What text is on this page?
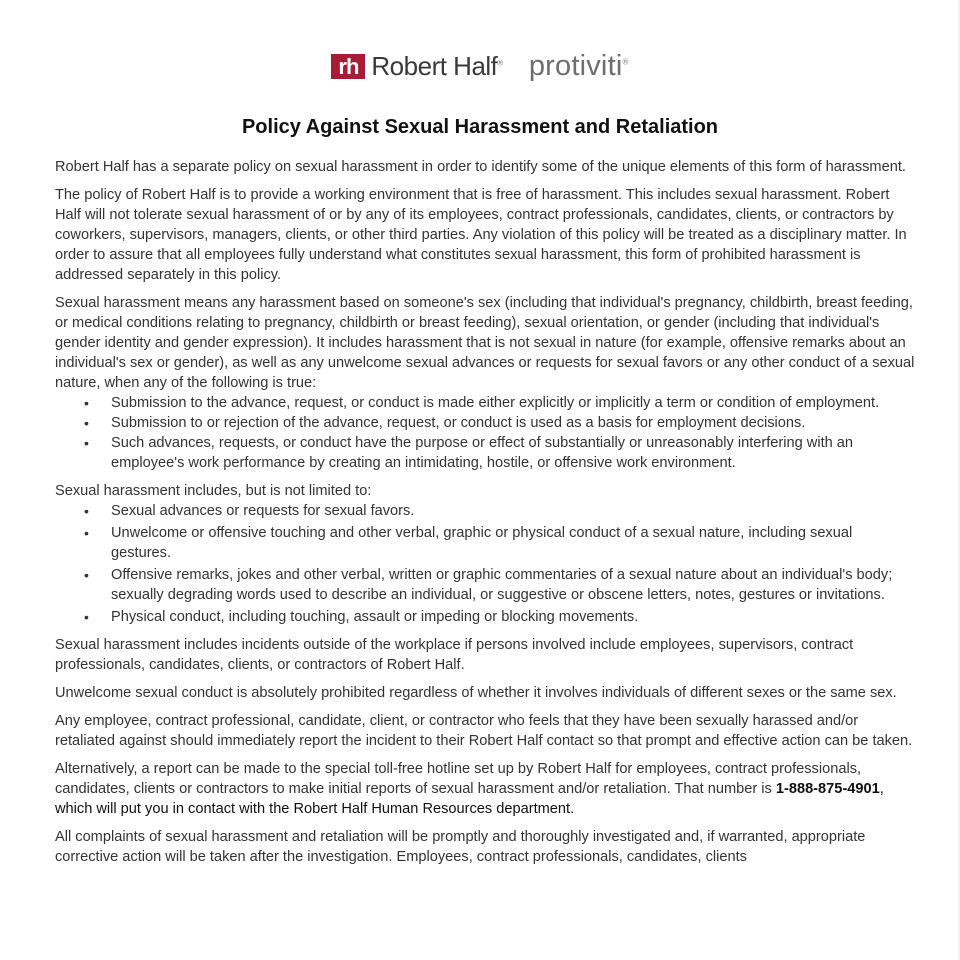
rh Robert Half® protiviti®
Policy Against Sexual Harassment and Retaliation

Robert Half has a separate policy on sexual harassment in order to identify some of the unique elements of this form of harassment.

The policy of Robert Half is to provide a working environment that is free of harassment. This includes sexual harassment. Robert Half will not tolerate sexual harassment of or by any of its employees, contract professionals, candidates, clients, or contractors by coworkers, supervisors, managers, clients, or other third parties. Any violation of this policy will be treated as a disciplinary matter. In order to assure that all employees fully understand what constitutes sexual harassment, this form of prohibited harassment is addressed separately in this policy.

Sexual harassment means any harassment based on someone's sex (including that individual's pregnancy, childbirth, breast feeding, or medical conditions relating to pregnancy, childbirth or breast feeding), sexual orientation, or gender (including that individual's gender identity and gender expression). It includes harassment that is not sexual in nature (for example, offensive remarks about an individual's sex or gender), as well as any unwelcome sexual advances or requests for sexual favors or any other conduct of a sexual nature, when any of the following is true:

• Submission to the advance, request, or conduct is made either explicitly or implicitly a term or condition of employment.
• Submission to or rejection of the advance, request, or conduct is used as a basis for employment decisions.
• Such advances, requests, or conduct have the purpose or effect of substantially or unreasonably interfering with an employee's work performance by creating an intimidating, hostile, or offensive work environment.

Sexual harassment includes, but is not limited to:

• Sexual advances or requests for sexual favors.
• Unwelcome or offensive touching and other verbal, graphic or physical conduct of a sexual nature, including sexual gestures.
• Offensive remarks, jokes and other verbal, written or graphic commentaries of a sexual nature about an individual's body; sexually degrading words used to describe an individual, or suggestive or obscene letters, notes, gestures or invitations.
• Physical conduct, including touching, assault or impeding or blocking movements.

Sexual harassment includes incidents outside of the workplace if persons involved include employees, supervisors, contract professionals, candidates, clients, or contractors of Robert Half.

Unwelcome sexual conduct is absolutely prohibited regardless of whether it involves individuals of different sexes or the same sex.

Any employee, contract professional, candidate, client, or contractor who feels that they have been sexually harassed and/or retaliated against should immediately report the incident to their Robert Half contact so that prompt and effective action can be taken.

Alternatively, a report can be made to the special toll-free hotline set up by Robert Half for employees, contract professionals, candidates, clients or contractors to make initial reports of sexual harassment and/or retaliation. That number is 1-888-875-4901, which will put you in contact with the Robert Half Human Resources department.

All complaints of sexual harassment and retaliation will be promptly and thoroughly investigated and, if warranted, appropriate corrective action will be taken after the investigation. Employees, contract professionals, candidates, clients
